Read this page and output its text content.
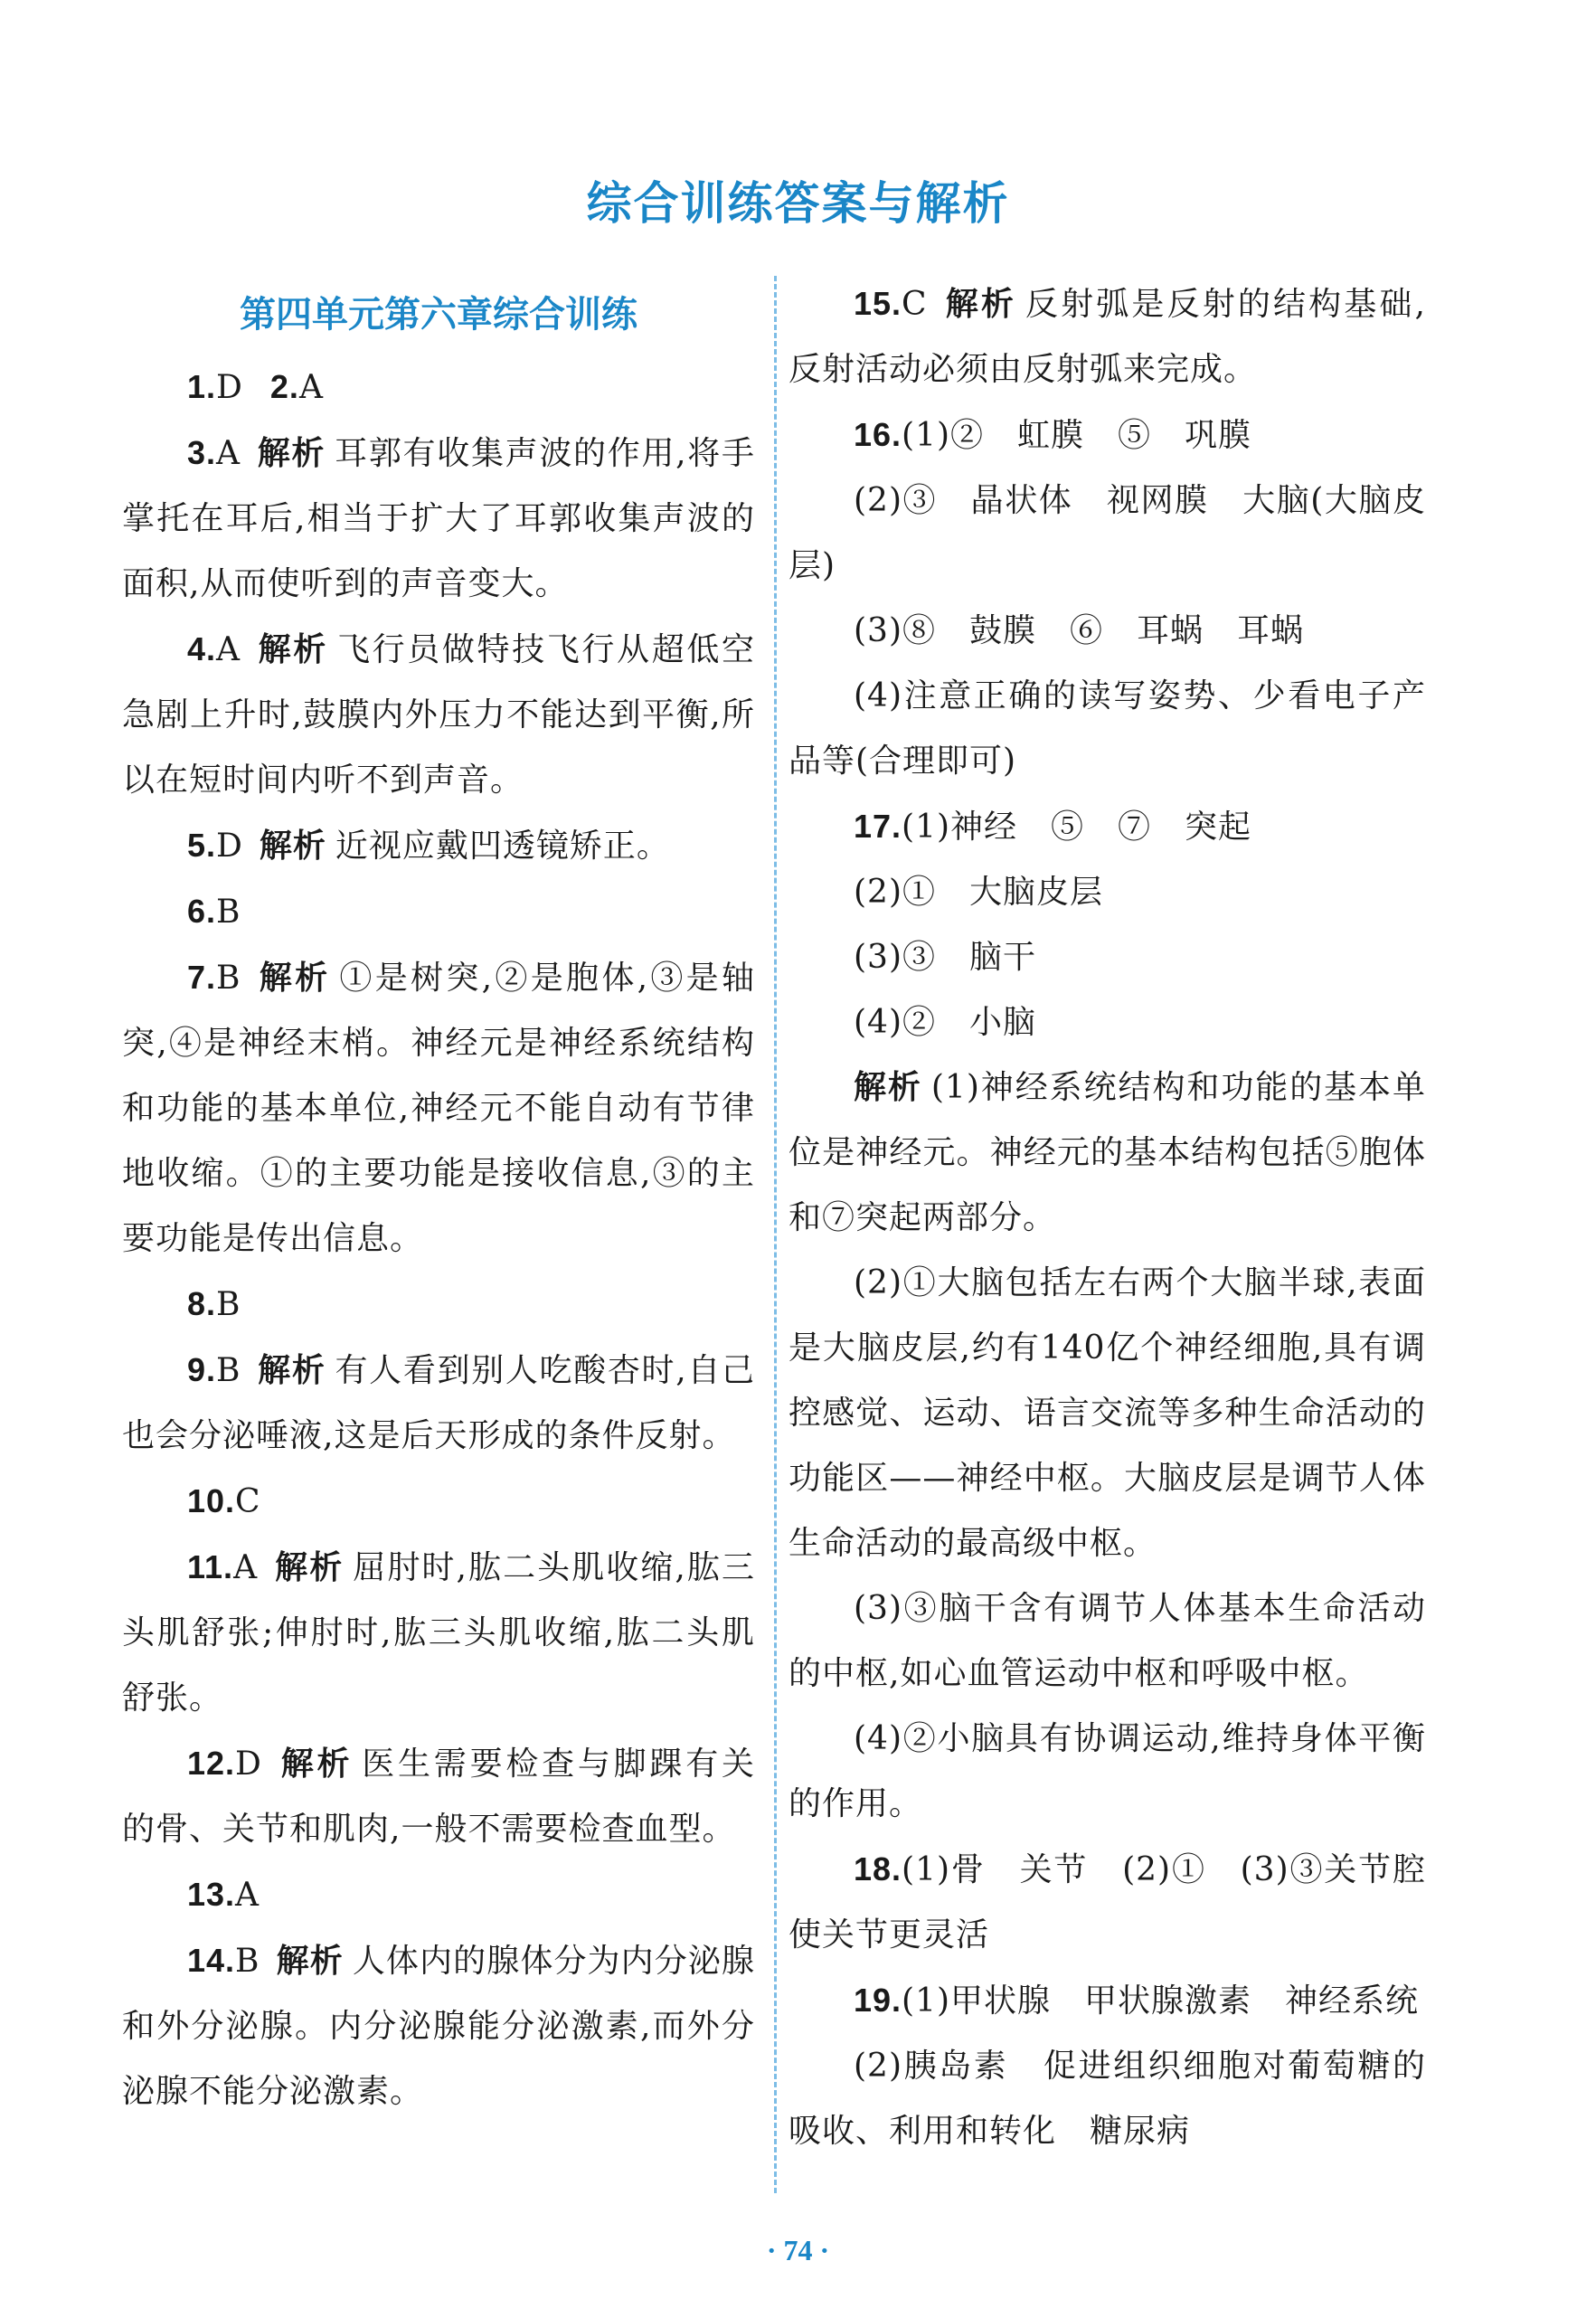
综合训练答案与解析
第四单元第六章综合训练

1.D 2.A

3.A 解析 耳郭有收集声波的作用,将手掌托在耳后,相当于扩大了耳郭收集声波的面积,从而使听到的声音变大。

4.A 解析 飞行员做特技飞行从超低空急剧上升时,鼓膜内外压力不能达到平衡,所以在短时间内听不到声音。

5.D 解析 近视应戴凹透镜矫正。

6.B

7.B 解析 ①是树突,②是胞体,③是轴突,④是神经末梢。神经元是神经系统结构和功能的基本单位,神经元不能自动有节律地收缩。①的主要功能是接收信息,③的主要功能是传出信息。

8.B

9.B 解析 有人看到别人吃酸杏时,自己也会分泌唾液,这是后天形成的条件反射。

10.C

11.A 解析 屈肘时,肱二头肌收缩,肱三头肌舒张;伸肘时,肱三头肌收缩,肱二头肌舒张。

12.D 解析 医生需要检查与脚踝有关的骨、关节和肌肉,一般不需要检查血型。

13.A

14.B 解析 人体内的腺体分为内分泌腺和外分泌腺。内分泌腺能分泌激素,而外分泌腺不能分泌激素。

15.C 解析 反射弧是反射的结构基础,反射活动必须由反射弧来完成。

16.(1)②　虹膜　⑤　巩膜

(2)③　晶状体　视网膜　大脑(大脑皮层)

(3)⑧　鼓膜　⑥　耳蜗　耳蜗

(4)注意正确的读写姿势、少看电子产品等(合理即可)

17.(1)神经　⑤　⑦　突起

(2)①　大脑皮层

(3)③　脑干

(4)②　小脑

解析 (1)神经系统结构和功能的基本单位是神经元。神经元的基本结构包括⑤胞体和⑦突起两部分。

(2)①大脑包括左右两个大脑半球,表面是大脑皮层,约有140亿个神经细胞,具有调控感觉、运动、语言交流等多种生命活动的功能区——神经中枢。大脑皮层是调节人体生命活动的最高级中枢。

(3)③脑干含有调节人体基本生命活动的中枢,如心血管运动中枢和呼吸中枢。

(4)②小脑具有协调运动,维持身体平衡的作用。

18.(1)骨　关节　(2)①　(3)③关节腔　使关节更灵活

19.(1)甲状腺　甲状腺激素　神经系统

(2)胰岛素　促进组织细胞对葡萄糖的吸收、利用和转化　糖尿病

· 74 ·
